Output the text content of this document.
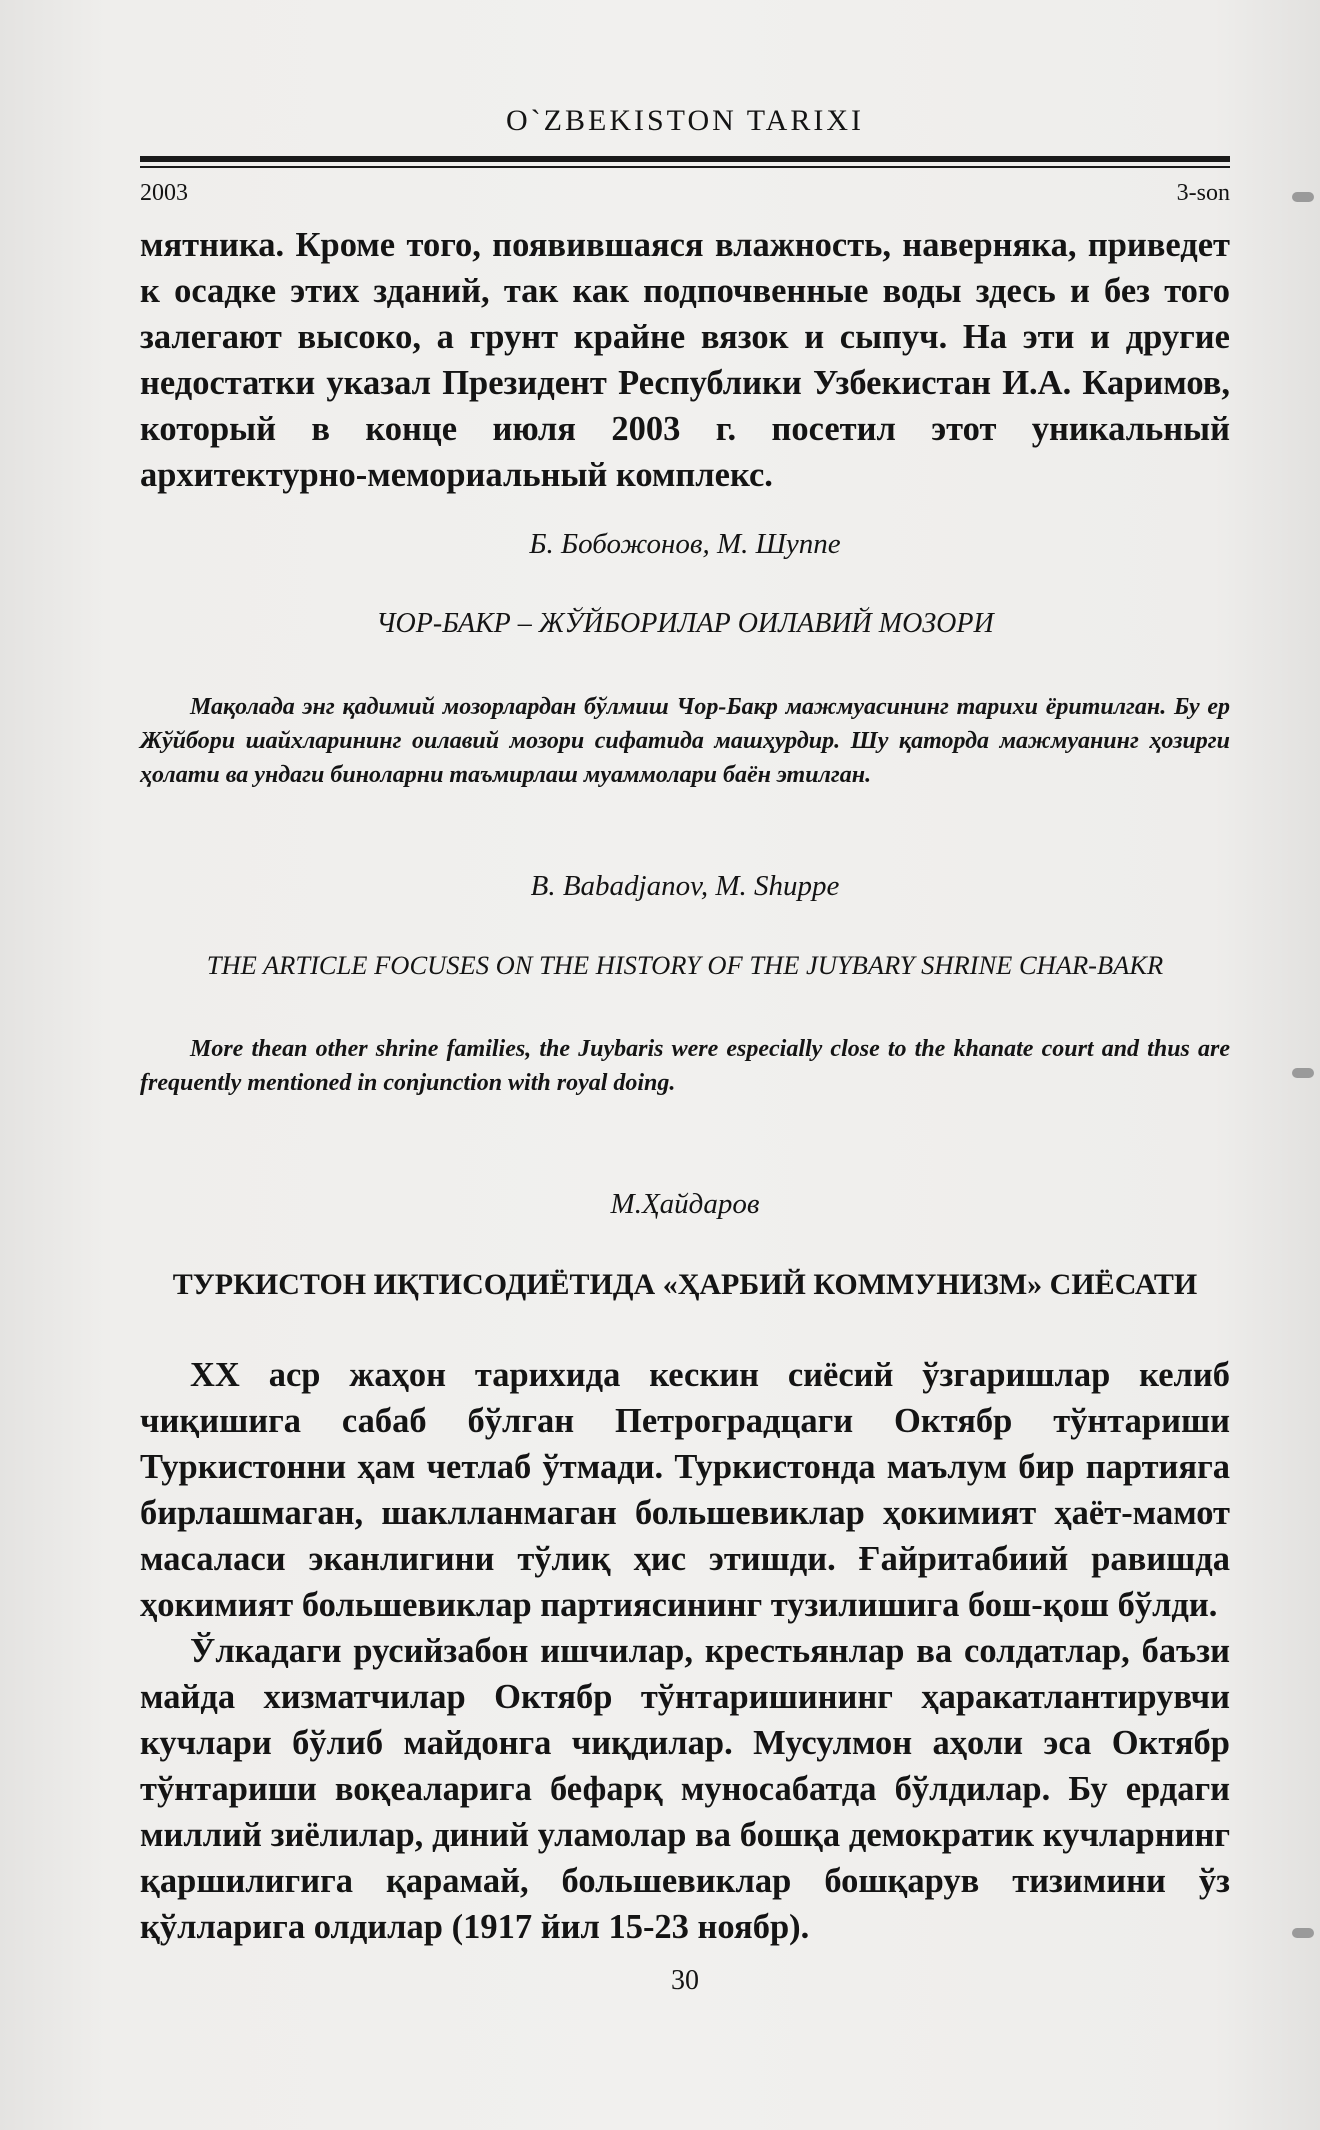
O`ZBEKISTON TARIXI
2003	3-son

мятника. Кроме того, появившаяся влажность, наверняка, приведет к осадке этих зданий, так как подпочвенные воды здесь и без того залегают высоко, а грунт крайне вязок и сыпуч. На эти и другие недостатки указал Президент Республики Узбекистан И.А. Каримов, который в конце июля 2003 г. посетил этот уникальный архитектурно-мемориальный комплекс.

Б. Бобожонов, М. Шуппе
ЧОР-БАКР – ЖЎЙБОРИЛАР ОИЛАВИЙ МОЗОРИ

Мақолада энг қадимий мозорлардан бўлмиш Чор-Бакр мажмуасининг тарихи ёритилган. Бу ер Жўйбори шайхларининг оилавий мозори сифатида машҳурдир. Шу қаторда мажмуанинг ҳозирги ҳолати ва ундаги биноларни таъмирлаш муаммолари баён этилган.

B. Babadjanov, M. Shuppe
THE ARTICLE FOCUSES ON THE HISTORY OF THE JUYBARY SHRINE CHAR-BAKR

More thean other shrine families, the Juybaris were especially close to the khanate court and thus are frequently mentioned in conjunction with royal doing.

М.Ҳайдаров
ТУРКИСТОН ИҚТИСОДИЁТИДА «ҲАРБИЙ КОММУНИЗМ» СИЁСАТИ

XX аср жаҳон тарихида кескин сиёсий ўзгаришлар келиб чиқишига сабаб бўлган Петроградцаги Октябр тўнтариши Туркистонни ҳам четлаб ўтмади. Туркистонда маълум бир партияга бирлашмаган, шаклланмаган большевиклар ҳокимият ҳаёт-мамот масаласи эканлигини тўлиқ ҳис этишди. Ғайритабиий равишда ҳокимият большевиклар партиясининг тузилишига бош-қош бўлди.

Ўлкадаги русийзабон ишчилар, крестьянлар ва солдатлар, баъзи майда хизматчилар Октябр тўнтаришининг ҳаракатлантирувчи кучлари бўлиб майдонга чиқдилар. Мусулмон аҳоли эса Октябр тўнтариши воқеаларига бефарқ муносабатда бўлдилар. Бу ердаги миллий зиёлилар, диний уламолар ва бошқа демократик кучларнинг қаршилигига қарамай, большевиклар бошқарув тизимини ўз қўлларига олдилар (1917 йил 15-23 ноябр).

30
